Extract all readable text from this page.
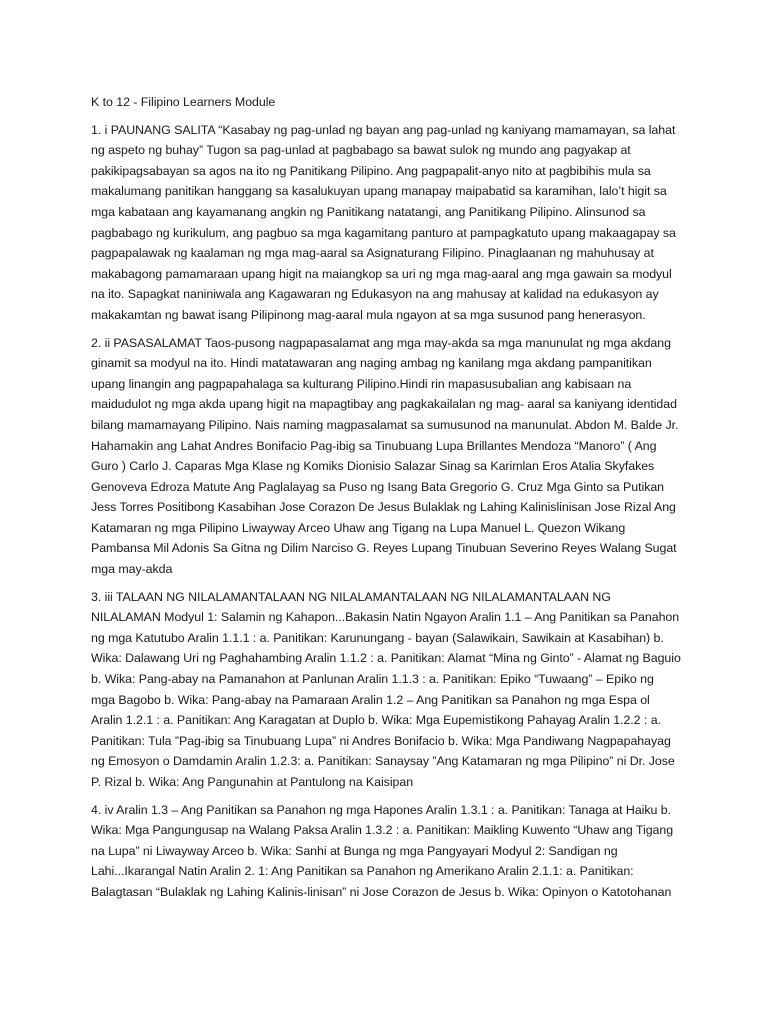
K to 12 - Filipino Learners Module

1. i PAUNANG SALITA “Kasabay ng pag-unlad ng bayan ang pag-unlad ng kaniyang mamamayan, sa lahat ng aspeto ng buhay” Tugon sa pag-unlad at pagbabago sa bawat sulok ng mundo ang pagyakap at pakikipagsabayan sa agos na ito ng Panitikang Pilipino. Ang pagpapalit-anyo nito at pagbibihis mula sa makalumang panitikan hanggang sa kasalukuyan upang manapay maipabatid sa karamihan, lalo’t higit sa mga kabataan ang kayamanang angkin ng Panitikang natatangi, ang Panitikang Pilipino. Alinsunod sa pagbabago ng kurikulum, ang pagbuo sa mga kagamitang panturo at pampagkatuto upang makaagapay sa pagpapalawak ng kaalaman ng mga mag-aaral sa Asignaturang Filipino. Pinaglaanan ng mahuhusay at makabagong pamamaraan upang higit na maiangkop sa uri ng mga mag-aaral ang mga gawain sa modyul na ito. Sapagkat naniniwala ang Kagawaran ng Edukasyon na ang mahusay at kalidad na edukasyon ay makakamtan ng bawat isang Pilipinong mag-aaral mula ngayon at sa mga susunod pang henerasyon.

2. ii PASASALAMAT Taos-pusong nagpapasalamat ang mga may-akda sa mga manunulat ng mga akdang ginamit sa modyul na ito. Hindi matatawaran ang naging ambag ng kanilang mga akdang pampanitikan upang linangin ang pagpapahalaga sa kulturang Pilipino.Hindi rin mapasusubalian ang kabisaan na maidudulot ng mga akda upang higit na mapagtibay ang pagkakailalan ng mag- aaral sa kaniyang identidad bilang mamamayang Pilipino. Nais naming magpasalamat sa sumusunod na manunulat. Abdon M. Balde Jr. Hahamakin ang Lahat Andres Bonifacio Pag-ibig sa Tinubuang Lupa Brillantes Mendoza “Manoro” ( Ang Guro ) Carlo J. Caparas Mga Klase ng Komiks Dionisio Salazar Sinag sa Karimlan Eros Atalia Skyfakes Genoveva Edroza Matute Ang Paglalayag sa Puso ng Isang Bata Gregorio G. Cruz Mga Ginto sa Putikan Jess Torres Positibong Kasabihan Jose Corazon De Jesus Bulaklak ng Lahing Kalinislinisan Jose Rizal Ang Katamaran ng mga Pilipino Liwayway Arceo Uhaw ang Tigang na Lupa Manuel L. Quezon Wikang Pambansa Mil Adonis Sa Gitna ng Dilim Narciso G. Reyes Lupang Tinubuan Severino Reyes Walang Sugat mga may-akda

3. iii TALAAN NG NILALAMANTALAAN NG NILALAMANTALAAN NG NILALAMANTALAAN NG NILALAMAN Modyul 1: Salamin ng Kahapon...Bakasin Natin Ngayon Aralin 1.1 – Ang Panitikan sa Panahon ng mga Katutubo Aralin 1.1.1 : a. Panitikan: Karunungang - bayan (Salawikain, Sawikain at Kasabihan) b. Wika: Dalawang Uri ng Paghahambing Aralin 1.1.2 : a. Panitikan: Alamat “Mina ng Ginto” - Alamat ng Baguio b. Wika: Pang-abay na Pamanahon at Panlunan Aralin 1.1.3 : a. Panitikan: Epiko “Tuwaang” – Epiko ng mga Bagobo b. Wika: Pang-abay na Pamaraan Aralin 1.2 – Ang Panitikan sa Panahon ng mga Espa ol Aralin 1.2.1 : a. Panitikan: Ang Karagatan at Duplo b. Wika: Mga Eupemistikong Pahayag Aralin 1.2.2 : a. Panitikan: Tula ”Pag-ibig sa Tinubuang Lupa” ni Andres Bonifacio b. Wika: Mga Pandiwang Nagpapahayag ng Emosyon o Damdamin Aralin 1.2.3: a. Panitikan: Sanaysay ”Ang Katamaran ng mga Pilipino” ni Dr. Jose P. Rizal b. Wika: Ang Pangunahin at Pantulong na Kaisipan

4. iv Aralin 1.3 – Ang Panitikan sa Panahon ng mga Hapones Aralin 1.3.1 : a. Panitikan: Tanaga at Haiku b. Wika: Mga Pangungusap na Walang Paksa Aralin 1.3.2 : a. Panitikan: Maikling Kuwento “Uhaw ang Tigang na Lupa” ni Liwayway Arceo b. Wika: Sanhi at Bunga ng mga Pangyayari Modyul 2: Sandigan ng Lahi...Ikarangal Natin Aralin 2. 1: Ang Panitikan sa Panahon ng Amerikano Aralin 2.1.1: a. Panitikan: Balagtasan “Bulaklak ng Lahing Kalinis-linisan” ni Jose Corazon de Jesus b. Wika: Opinyon o Katotohanan
